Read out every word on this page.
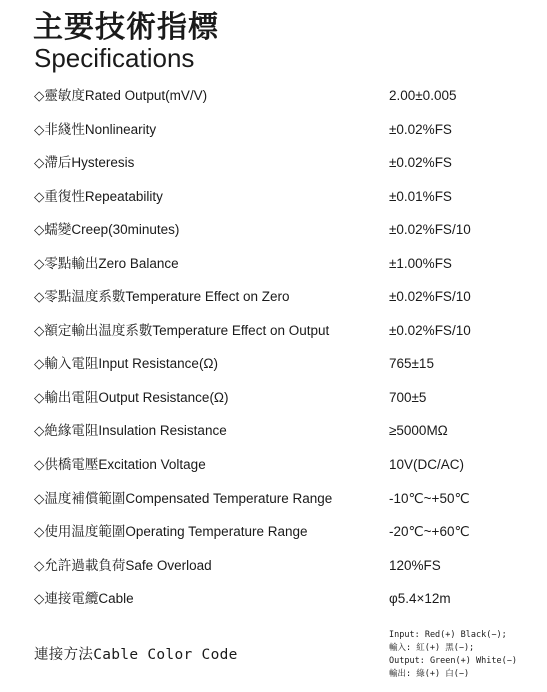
主要技術指標
Specifications
◇靈敏度Rated Output(mV/V)	2.00±0.005
◇非綫性Nonlinearity	±0.02%FS
◇滯后Hysteresis	±0.02%FS
◇重復性Repeatability	±0.01%FS
◇蠕變Creep(30minutes)	±0.02%FS/10
◇零點輸出Zero Balance	±1.00%FS
◇零點温度系數Temperature Effect on Zero	±0.02%FS/10
◇額定輸出温度系數Temperature Effect on Output	±0.02%FS/10
◇輸入電阻Input Resistance(Ω)	765±15
◇輸出電阻Output Resistance(Ω)	700±5
◇絶緣電阻Insulation Resistance	≥5000MΩ
◇供橋電壓Excitation Voltage	10V(DC/AC)
◇温度補償範圍Compensated Temperature Range	-10℃~+50℃
◇使用温度範圍Operating Temperature Range	-20℃~+60℃
◇允許過載負荷Safe Overload	120%FS
◇連接電纜Cable	φ5.4×12m
連接方法Cable Color Code
Input: Red(+) Black(−);
輸入: 紅(+) 黑(−);
Output: Green(+) White(−)
輸出: 綠(+) 白(−)
